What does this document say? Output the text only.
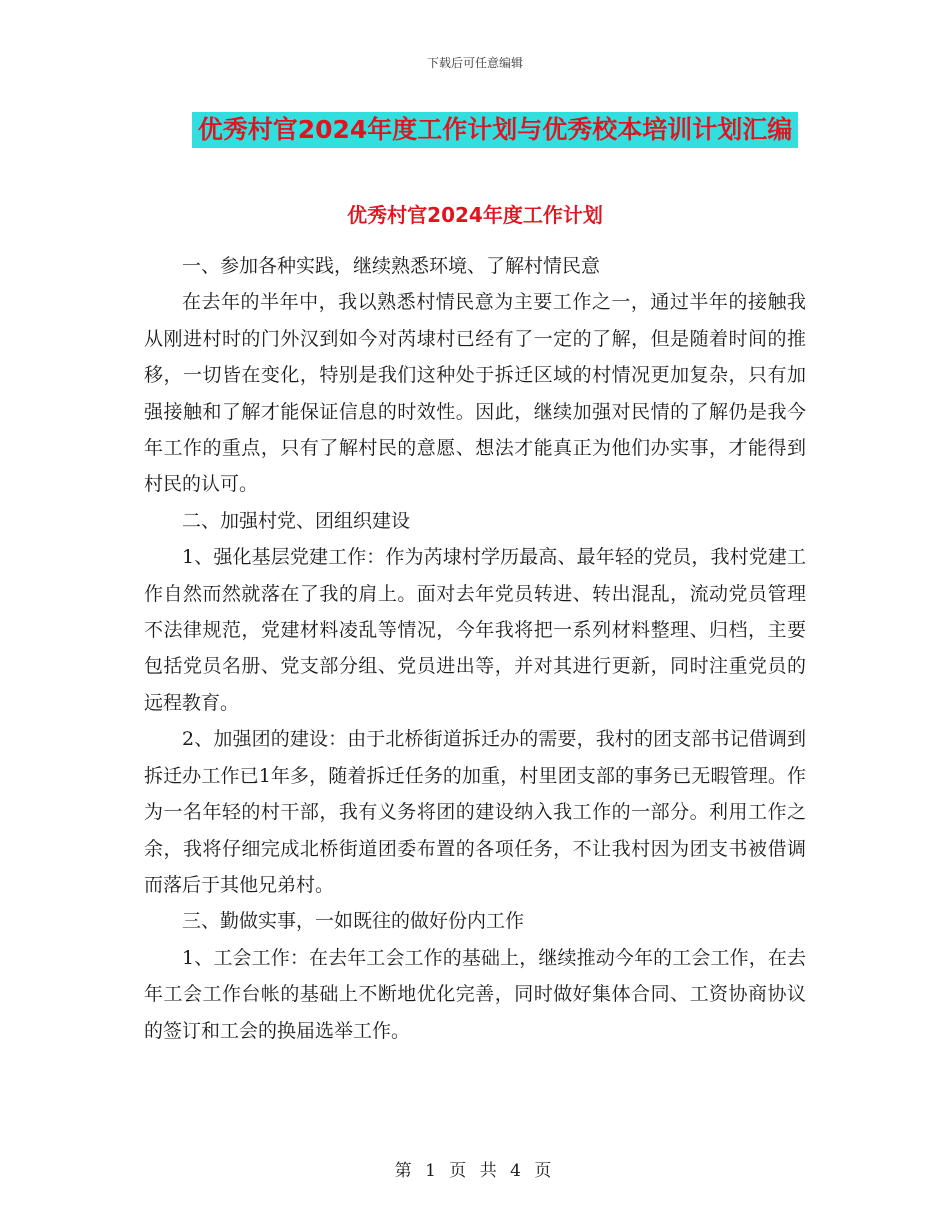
下载后可任意编辑
优秀村官2024年度工作计划与优秀校本培训计划汇编
优秀村官2024年度工作计划

一、参加各种实践，继续熟悉环境、了解村情民意

在去年的半年中，我以熟悉村情民意为主要工作之一，通过半年的接触我从刚进村时的门外汉到如今对芮埭村已经有了一定的了解，但是随着时间的推移，一切皆在变化，特别是我们这种处于拆迁区域的村情况更加复杂，只有加强接触和了解才能保证信息的时效性。因此，继续加强对民情的了解仍是我今年工作的重点，只有了解村民的意愿、想法才能真正为他们办实事，才能得到村民的认可。

二、加强村党、团组织建设

1、强化基层党建工作：作为芮埭村学历最高、最年轻的党员，我村党建工作自然而然就落在了我的肩上。面对去年党员转进、转出混乱，流动党员管理不法律规范，党建材料凌乱等情况，今年我将把一系列材料整理、归档，主要包括党员名册、党支部分组、党员进出等，并对其进行更新，同时注重党员的远程教育。

2、加强团的建设：由于北桥街道拆迁办的需要，我村的团支部书记借调到拆迁办工作已1年多，随着拆迁任务的加重，村里团支部的事务已无暇管理。作为一名年轻的村干部，我有义务将团的建设纳入我工作的一部分。利用工作之余，我将仔细完成北桥街道团委布置的各项任务，不让我村因为团支书被借调而落后于其他兄弟村。

三、勤做实事，一如既往的做好份内工作

1、工会工作：在去年工会工作的基础上，继续推动今年的工会工作，在去年工会工作台帐的基础上不断地优化完善，同时做好集体合同、工资协商协议的签订和工会的换届选举工作。

第 1 页 共 4 页
